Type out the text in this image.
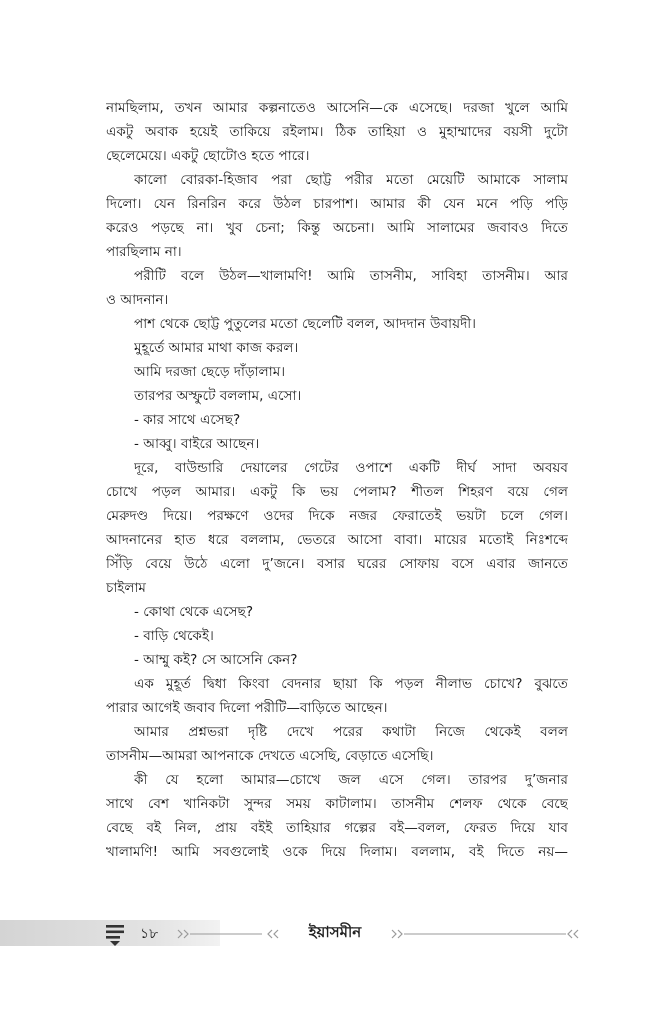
নামছিলাম, তখন আমার কল্পনাতেও আসেনি—কে এসেছে। দরজা খুলে আমি
একটু অবাক হয়েই তাকিয়ে রইলাম। ঠিক তাহিয়া ও মুহাম্মাদের বয়সী দুটো
ছেলেমেয়ে। একটু ছোটোও হতে পারে।
কালো বোরকা-হিজাব পরা ছোট্ট পরীর মতো মেয়েটি আমাকে সালাম
দিলো। যেন রিনরিন করে উঠল চারপাশ। আমার কী যেন মনে পড়ি পড়ি
করেও পড়ছে না। খুব চেনা; কিন্তু অচেনা। আমি সালামের জবাবও দিতে
পারছিলাম না।
পরীটি বলে উঠল—খালামণি! আমি তাসনীম, সাবিহা তাসনীম। আর
ও আদনান।
পাশ থেকে ছোট্ট পুতুলের মতো ছেলেটি বলল, আদদান উবায়দী।
মুহূর্তে আমার মাথা কাজ করল।
আমি দরজা ছেড়ে দাঁড়ালাম।
তারপর অস্ফুটে বললাম, এসো।
- কার সাথে এসেছ?
- আব্বু। বাইরে আছেন।
দূরে, বাউন্ডারি দেয়ালের গেটের ওপাশে একটি দীর্ঘ সাদা অবয়ব
চোখে পড়ল আমার। একটু কি ভয় পেলাম? শীতল শিহরণ বয়ে গেল
মেরুদণ্ড দিয়ে। পরক্ষণে ওদের দিকে নজর ফেরাতেই ভয়টা চলে গেল।
আদনানের হাত ধরে বললাম, ভেতরে আসো বাবা। মায়ের মতোই নিঃশব্দে
সিঁড়ি বেয়ে উঠে এলো দু’জনে। বসার ঘরের সোফায় বসে এবার জানতে
চাইলাম
- কোথা থেকে এসেছ?
- বাড়ি থেকেই।
- আম্মু কই? সে আসেনি কেন?
এক মুহূর্ত দ্বিধা কিংবা বেদনার ছায়া কি পড়ল নীলাভ চোখে? বুঝতে
পারার আগেই জবাব দিলো পরীটি—বাড়িতে আছেন।
আমার প্রশ্নভরা দৃষ্টি দেখে পরের কথাটা নিজে থেকেই বলল
তাসনীম—আমরা আপনাকে দেখতে এসেছি, বেড়াতে এসেছি।
কী যে হলো আমার—চোখে জল এসে গেল। তারপর দু’জনার
সাথে বেশ খানিকটা সুন্দর সময় কাটালাম। তাসনীম শেলফ থেকে বেছে
বেছে বই নিল, প্রায় বইই তাহিয়ার গল্পের বই—বলল, ফেরত দিয়ে যাব
খালামণি! আমি সবগুলোই ওকে দিয়ে দিলাম। বললাম, বই দিতে নয়—
১৮	ইয়াসমীন
